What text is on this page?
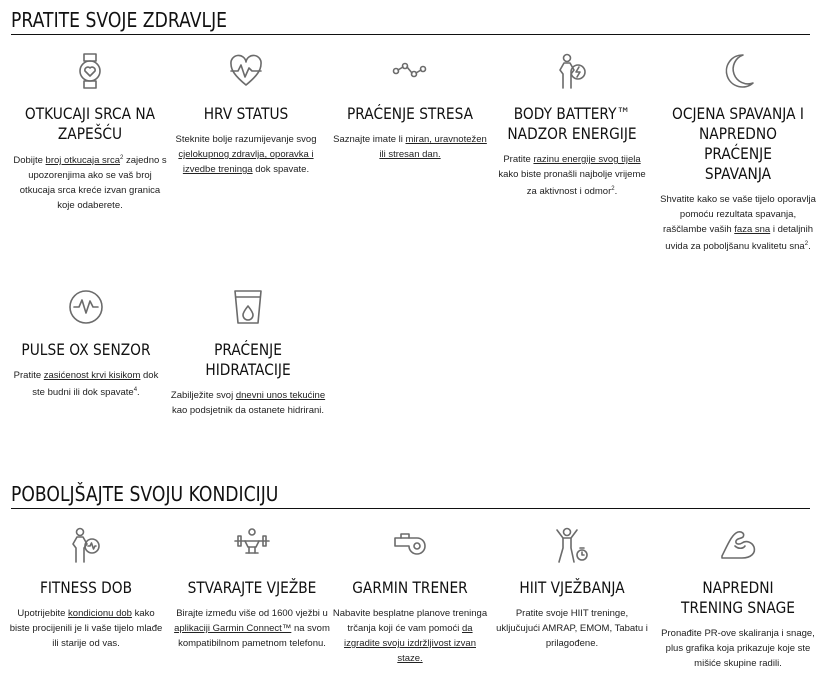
PRATITE SVOJE ZDRAVLJE
OTKUCAJI SRCA NA ZAPEŠĆU
Dobijte broj otkucaja srca$^2$ zajedno s upozorenjima ako se vaš broj otkucaja srca kreće izvan granica koje odaberete.
HRV STATUS
Steknite bolje razumijevanje svog cjelokupnog zdravlja, oporavka i izvedbe treninga dok spavate.
PRAĆENJE STRESA
Saznajte imate li miran, uravnotežen ili stresan dan.
BODY BATTERY™ NADZOR ENERGIJE
Pratite razinu energije svog tijela kako biste pronašli najbolje vrijeme za aktivnost i odmor$^2$.
OCJENA SPAVANJA I NAPREDNO PRAĆENJE SPAVANJA
Shvatite kako se vaše tijelo oporavlja pomoću rezultata spavanja, raščlambe vaših faza sna i detaljnih uvida za poboljšanu kvalitetu sna$^2$.
PULSE OX SENZOR
Pratite zasićenost krvi kisikom dok ste budni ili dok spavate$^4$.
PRAĆENJE HIDRATACIJE
Zabilježite svoj dnevni unos tekućine kao podsjetnik da ostanete hidrirani.
POBOLJŠAJTE SVOJU KONDICIJU
FITNESS DOB
Upotrijebite kondicionu dob kako biste procijenili je li vaše tijelo mlađe ili starije od vas.
STVARAJTE VJEŽBE
Birajte između više od 1600 vježbi u aplikaciji Garmin Connect™ na svom kompatibilnom pametnom telefonu.
GARMIN TRENER
Nabavite besplatne planove treninga trčanja koji će vam pomoći da izgradite svoju izdržljivost izvan staze.
HIIT VJEŽBANJA
Pratite svoje HIIT treninge, uključujući AMRAP, EMOM, Tabatu i prilagođene.
NAPREDNI TRENING SNAGE
Pronađite PR-ove skaliranja i snage, plus grafika koja prikazuje koje ste mišiće skupine radili.
